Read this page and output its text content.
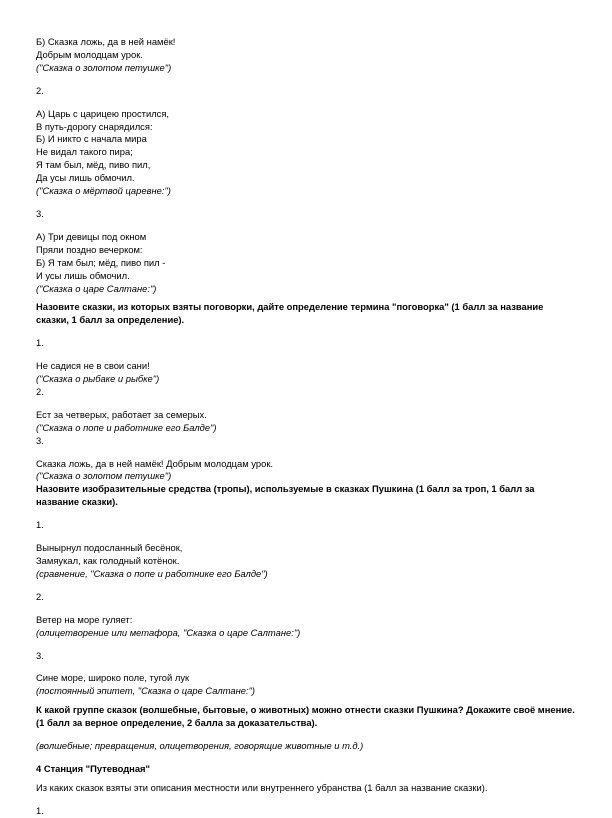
Б) Сказка ложь, да в ней намёк!
Добрым молодцам урок.
("Сказка о золотом петушке")
2.
А) Царь с царицею простился,
В путь-дорогу снарядился:
Б) И никто с начала мира
Не видал такого пира;
Я там был, мёд, пиво пил,
Да усы лишь обмочил.
("Сказка о мёртвой царевне:")
3.
А) Три девицы под окном
Пряли поздно вечерком:
Б) Я там был; мёд, пиво пил -
И усы лишь обмочил.
("Сказка о царе Салтане:")
Назовите сказки, из которых взяты поговорки, дайте определение термина "поговорка" (1 балл за название сказки, 1 балл за определение).
1.
Не садися не в свои сани!
("Сказка о рыбаке и рыбке")
2.
Ест за четверых, работает за семерых.
("Сказка о попе и работнике его Балде")
3.
Сказка ложь, да в ней намёк! Добрым молодцам урок.
("Сказка о золотом петушке")
Назовите изобразительные средства (тропы), используемые в сказках Пушкина (1 балл за троп, 1 балл за название сказки).
1.
Вынырнул подосланный бесёнок,
Замяукал, как голодный котёнок.
(сравнение, "Сказка о попе и работнике его Балде")
2.
Ветер на море гуляет:
(олицетворение или метафора, "Сказка о царе Салтане:")
3.
Сине море, широко поле, тугой лук
(постоянный эпитет, "Сказка о царе Салтане:")
К какой группе сказок (волшебные, бытовые, о животных) можно отнести сказки Пушкина? Докажите своё мнение. (1 балл за верное определение, 2 балла за доказательства).
(волшебные; превращения, олицетворения, говорящие животные и т.д.)
4 Станция "Путеводная"
Из каких сказок взяты эти описания местности или внутреннего убранства (1 балл за название сказки).
1.
